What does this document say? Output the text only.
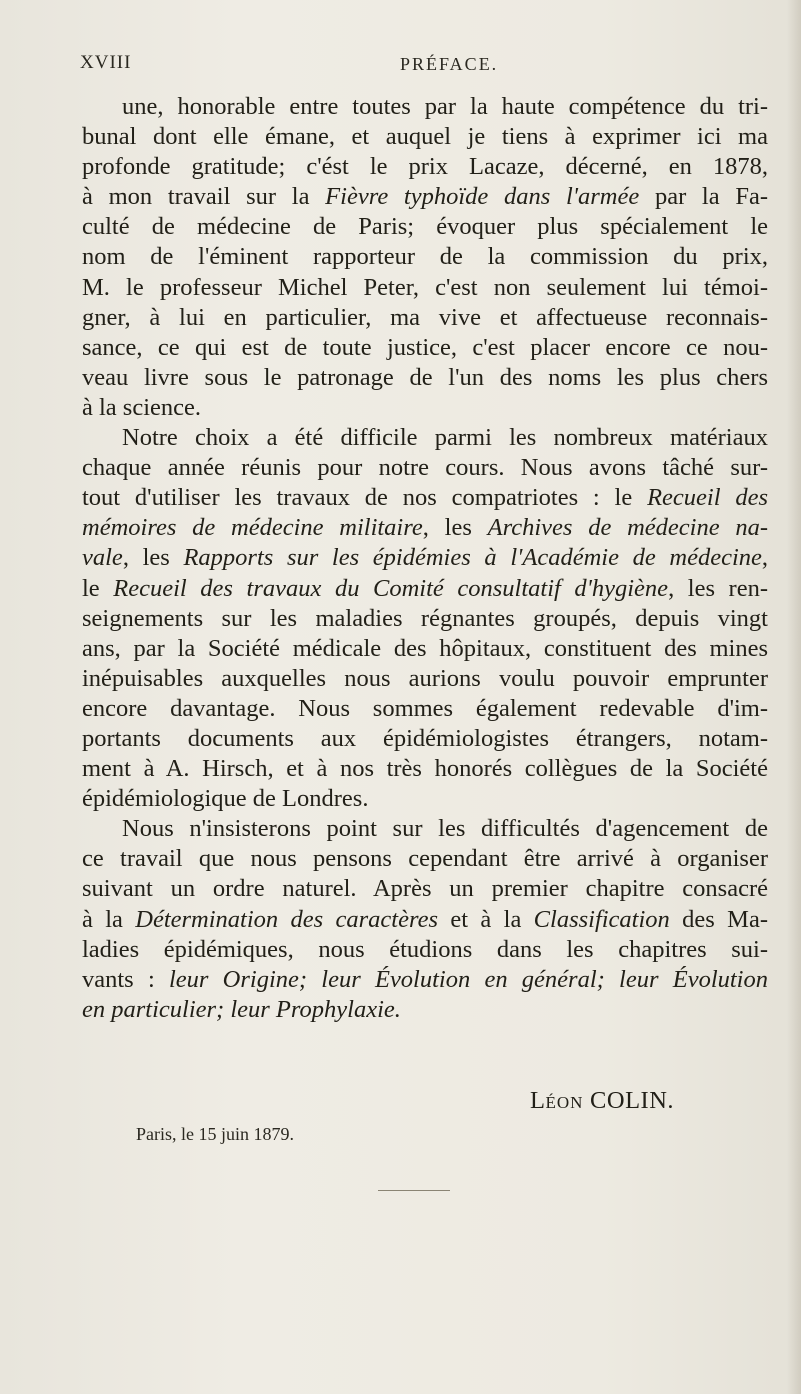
XVIII	PRÉFACE.
une, honorable entre toutes par la haute compétence du tri-
bunal dont elle émane, et auquel je tiens à exprimer ici ma
profonde gratitude; c'ést le prix Lacaze, décerné, en 1878,
à mon travail sur la Fièvre typhoïde dans l'armée par la Fa-
culté de médecine de Paris; évoquer plus spécialement le
nom de l'éminent rapporteur de la commission du prix,
M. le professeur Michel Peter, c'est non seulement lui témoi-
gner, à lui en particulier, ma vive et affectueuse reconnais-
sance, ce qui est de toute justice, c'est placer encore ce nou-
veau livre sous le patronage de l'un des noms les plus chers
à la science.
Notre choix a été difficile parmi les nombreux matériaux
chaque année réunis pour notre cours. Nous avons tâché sur-
tout d'utiliser les travaux de nos compatriotes : le Recueil des
mémoires de médecine militaire, les Archives de médecine na-
vale, les Rapports sur les épidémies à l'Académie de médecine,
le Recueil des travaux du Comité consultatif d'hygiène, les ren-
seignements sur les maladies régnantes groupés, depuis vingt
ans, par la Société médicale des hôpitaux, constituent des mines
inépuisables auxquelles nous aurions voulu pouvoir emprunter
encore davantage. Nous sommes également redevable d'im-
portants documents aux épidémiologistes étrangers, notam-
ment à A. Hirsch, et à nos très honorés collègues de la Société
épidémiologique de Londres.
Nous n'insisterons point sur les difficultés d'agencement de
ce travail que nous pensons cependant être arrivé à organiser
suivant un ordre naturel. Après un premier chapitre consacré
à la Détermination des caractères et à la Classification des Ma-
ladies épidémiques, nous étudions dans les chapitres sui-
vants : leur Origine; leur Évolution en général; leur Évolution
en particulier; leur Prophylaxie.
LÉON COLIN.
Paris, le 15 juin 1879.
